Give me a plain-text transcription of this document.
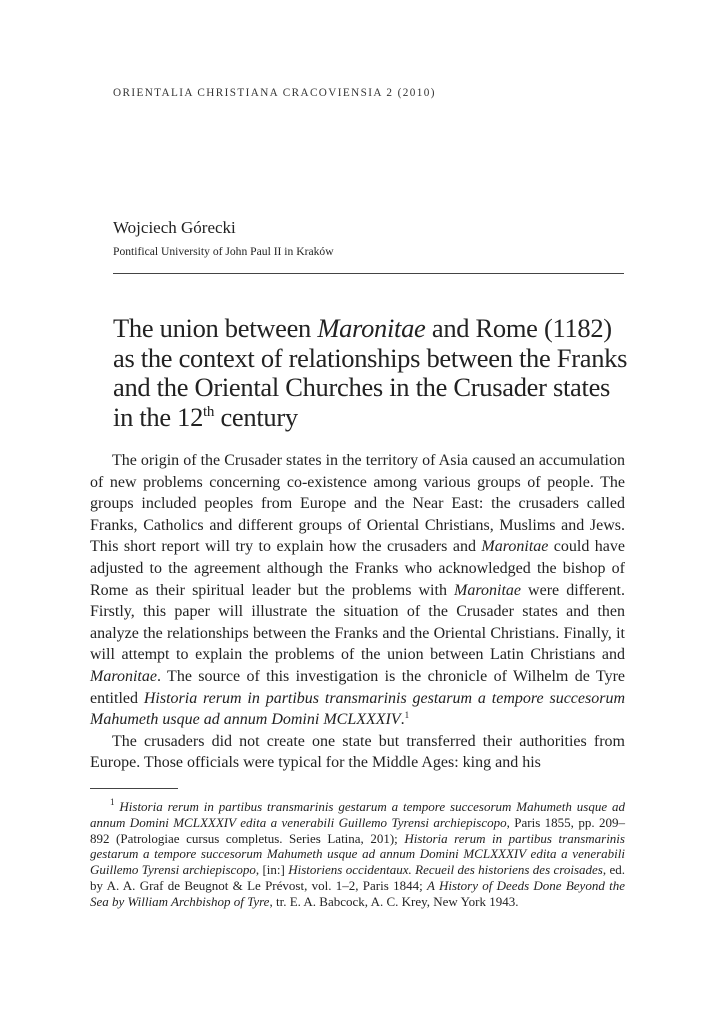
ORIENTALIA CHRISTIANA CRACOVIENSIA 2 (2010)
Wojciech Górecki
Pontifical University of John Paul II in Kraków
The union between Maronitae and Rome (1182) as the context of relationships between the Franks and the Oriental Churches in the Crusader states in the 12th century

The origin of the Crusader states in the territory of Asia caused an accumulation of new problems concerning co-existence among various groups of people. The groups included peoples from Europe and the Near East: the crusaders called Franks, Catholics and different groups of Oriental Christians, Muslims and Jews. This short report will try to explain how the crusaders and Maronitae could have adjusted to the agreement although the Franks who acknowledged the bishop of Rome as their spiritual leader but the problems with Maronitae were different. Firstly, this paper will illustrate the situation of the Crusader states and then analyze the relationships between the Franks and the Oriental Christians. Finally, it will attempt to explain the problems of the union between Latin Christians and Maronitae. The source of this investigation is the chronicle of Wilhelm de Tyre entitled Historia rerum in partibus transmarinis gestarum a tempore succesorum Mahumeth usque ad annum Domini MCLXXXIV.$^1$

The crusaders did not create one state but transferred their authorities from Europe. Those officials were typical for the Middle Ages: king and his

$^1$ Historia rerum in partibus transmarinis gestarum a tempore succesorum Mahumeth usque ad annum Domini MCLXXXIV edita a venerabili Guillemo Tyrensi archiepiscopo, Paris 1855, pp. 209–892 (Patrologiae cursus completus. Series Latina, 201); Historia rerum in partibus transmarinis gestarum a tempore succesorum Mahumeth usque ad annum Domini MCLXXXIV edita a venerabili Guillemo Tyrensi archiepiscopo, [in:] Historiens occidentaux. Recueil des historiens des croisades, ed. by A. A. Graf de Beugnot & Le Prévost, vol. 1–2, Paris 1844; A History of Deeds Done Beyond the Sea by William Archbishop of Tyre, tr. E. A. Babcock, A. C. Krey, New York 1943.
